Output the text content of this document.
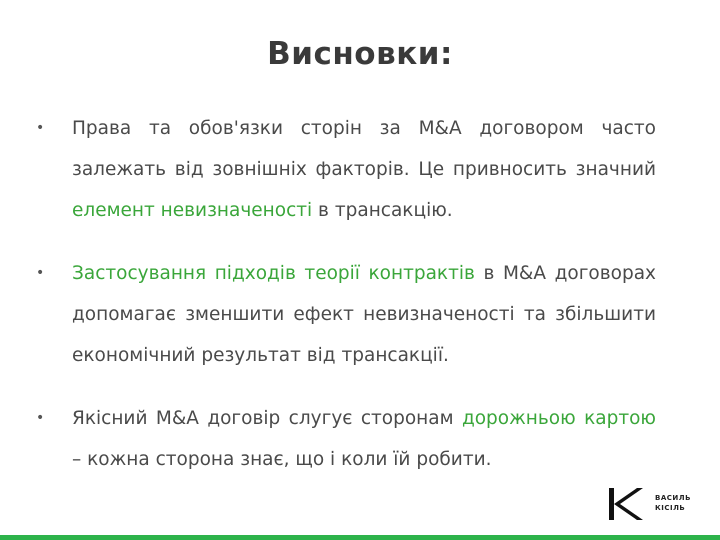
Висновки:
• Права та обов'язки сторін за M&A договором часто залежать від зовнішніх факторів. Це привносить значний елемент невизначеності в трансакцію.
• Застосування підходів теорії контрактів в M&A договорах допомагає зменшити ефект невизначеності та збільшити економічний результат від трансакції.
• Якісний M&A договір слугує сторонам дорожньою картою – кожна сторона знає, що і коли їй робити.
ВАСИЛЬ
КІСІЛЬ
